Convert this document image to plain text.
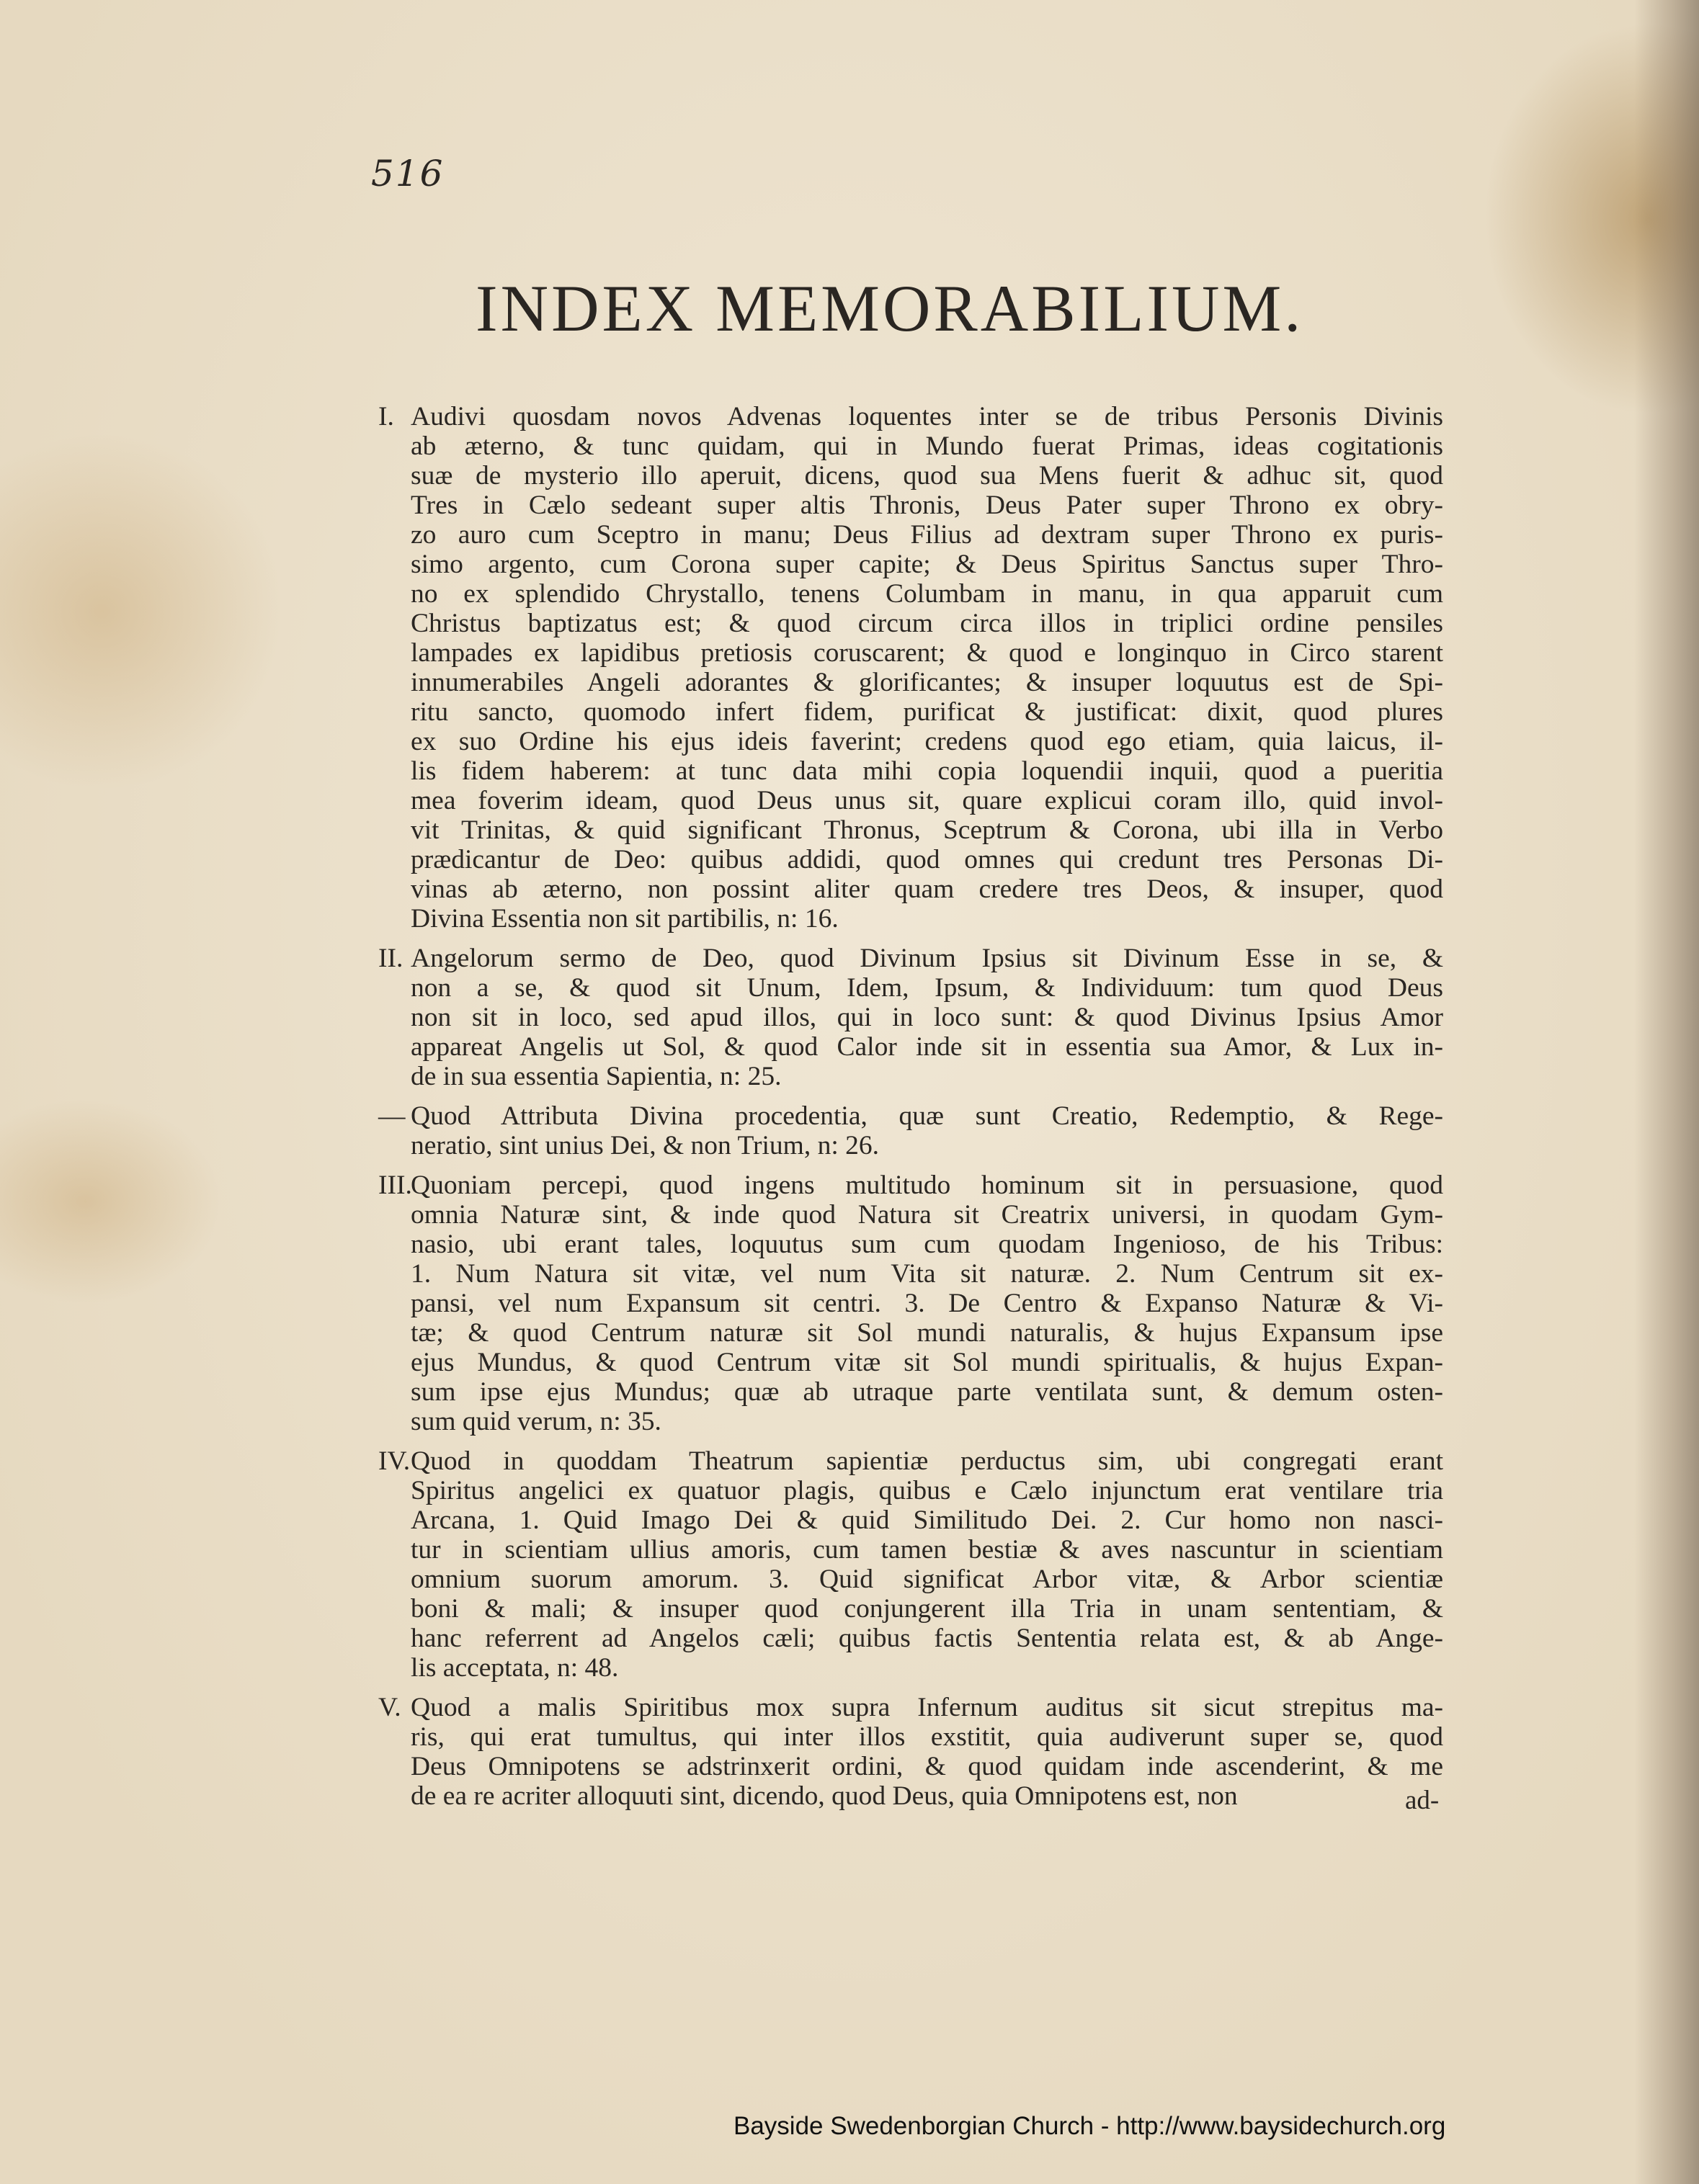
516
INDEX MEMORABILIUM.
I. Audivi quosdam novos Advenas loquentes inter se de tribus Personis Divinis
ab æterno, & tunc quidam, qui in Mundo fuerat Primas, ideas cogitationis
suæ de mysterio illo aperuit, dicens, quod sua Mens fuerit & adhuc sit, quod
Tres in Cælo sedeant super altis Thronis, Deus Pater super Throno ex obry-
zo auro cum Sceptro in manu; Deus Filius ad dextram super Throno ex puris-
simo argento, cum Corona super capite; & Deus Spiritus Sanctus super Thro-
no ex splendido Chrystallo, tenens Columbam in manu, in qua apparuit cum
Christus baptizatus est; & quod circum circa illos in triplici ordine pensiles
lampades ex lapidibus pretiosis coruscarent; & quod e longinquo in Circo starent
innumerabiles Angeli adorantes & glorificantes; & insuper loquutus est de Spi-
ritu sancto, quomodo infert fidem, purificat & justificat: dixit, quod plures
ex suo Ordine his ejus ideis faverint; credens quod ego etiam, quia laicus, il-
lis fidem haberem: at tunc data mihi copia loquendii inquii, quod a pueritia
mea foverim ideam, quod Deus unus sit, quare explicui coram illo, quid invol-
vit Trinitas, & quid significant Thronus, Sceptrum & Corona, ubi illa in Verbo
prædicantur de Deo: quibus addidi, quod omnes qui credunt tres Personas Di-
vinas ab æterno, non possint aliter quam credere tres Deos, & insuper, quod
Divina Essentia non sit partibilis, n: 16.
II. Angelorum sermo de Deo, quod Divinum Ipsius sit Divinum Esse in se, &
non a se, & quod sit Unum, Idem, Ipsum, & Individuum: tum quod Deus
non sit in loco, sed apud illos, qui in loco sunt: & quod Divinus Ipsius Amor
appareat Angelis ut Sol, & quod Calor inde sit in essentia sua Amor, & Lux in-
de in sua essentia Sapientia, n: 25.
— Quod Attributa Divina procedentia, quæ sunt Creatio, Redemptio, & Rege-
neratio, sint unius Dei, & non Trium, n: 26.
III.
Quoniam percepi, quod ingens multitudo hominum sit in persuasione, quod
omnia Naturæ sint, & inde quod Natura sit Creatrix universi, in quodam Gym-
nasio, ubi erant tales, loquutus sum cum quodam Ingenioso, de his Tribus:
1. Num Natura sit vitæ, vel num Vita sit naturæ. 2. Num Centrum sit ex-
pansi, vel num Expansum sit centri. 3. De Centro & Expanso Naturæ & Vi-
tæ; & quod Centrum naturæ sit Sol mundi naturalis, & hujus Expansum ipse
ejus Mundus, & quod Centrum vitæ sit Sol mundi spiritualis, & hujus Expan-
sum ipse ejus Mundus; quæ ab utraque parte ventilata sunt, & demum osten-
sum quid verum, n: 35.
IV. Quod in quoddam Theatrum sapientiæ perductus sim, ubi congregati erant
Spiritus angelici ex quatuor plagis, quibus e Cælo injunctum erat ventilare tria
Arcana, 1. Quid Imago Dei & quid Similitudo Dei. 2. Cur homo non nasci-
tur in scientiam ullius amoris, cum tamen bestiæ & aves nascuntur in scientiam
omnium suorum amorum. 3. Quid significat Arbor vitæ, & Arbor scientiæ
boni & mali; & insuper quod conjungerent illa Tria in unam sententiam, &
hanc referrent ad Angelos cæli; quibus factis Sententia relata est, & ab Ange-
lis acceptata, n: 48.
V. Quod a malis Spiritibus mox supra Infernum auditus sit sicut strepitus ma-
ris, qui erat tumultus, qui inter illos exstitit, quia audiverunt super se, quod
Deus Omnipotens se adstrinxerit ordini, & quod quidam inde ascenderint, & me
de ea re acriter alloquuti sint, dicendo, quod Deus, quia Omnipotens est, non	ad-
Bayside Swedenborgian Church - http://www.baysidechurch.org
